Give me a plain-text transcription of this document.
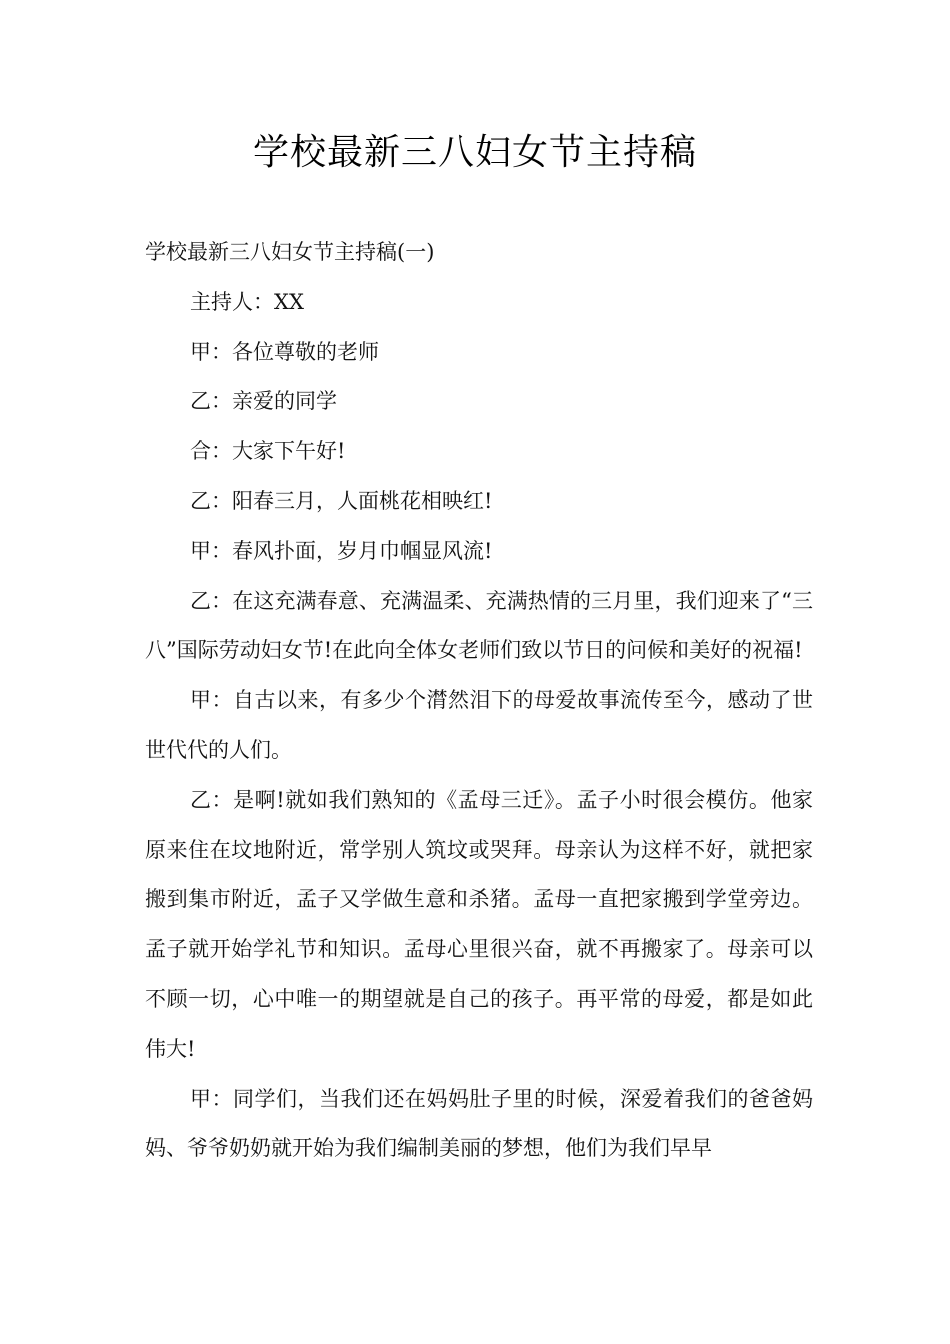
学校最新三八妇女节主持稿

学校最新三八妇女节主持稿(一)

主持人：XX

甲：各位尊敬的老师

乙：亲爱的同学

合：大家下午好!

乙：阳春三月，人面桃花相映红!

甲：春风扑面，岁月巾帼显风流!

乙：在这充满春意、充满温柔、充满热情的三月里，我们迎来了“三八”国际劳动妇女节!在此向全体女老师们致以节日的问候和美好的祝福!

甲：自古以来，有多少个潸然泪下的母爱故事流传至今，感动了世世代代的人们。

乙：是啊!就如我们熟知的《孟母三迁》。孟子小时很会模仿。他家原来住在坟地附近，常学别人筑坟或哭拜。母亲认为这样不好，就把家搬到集市附近，孟子又学做生意和杀猪。孟母一直把家搬到学堂旁边。孟子就开始学礼节和知识。孟母心里很兴奋，就不再搬家了。母亲可以不顾一切，心中唯一的期望就是自己的孩子。再平常的母爱，都是如此伟大!

甲：同学们，当我们还在妈妈肚子里的时候，深爱着我们的爸爸妈妈、爷爷奶奶就开始为我们编制美丽的梦想，他们为我们早早
